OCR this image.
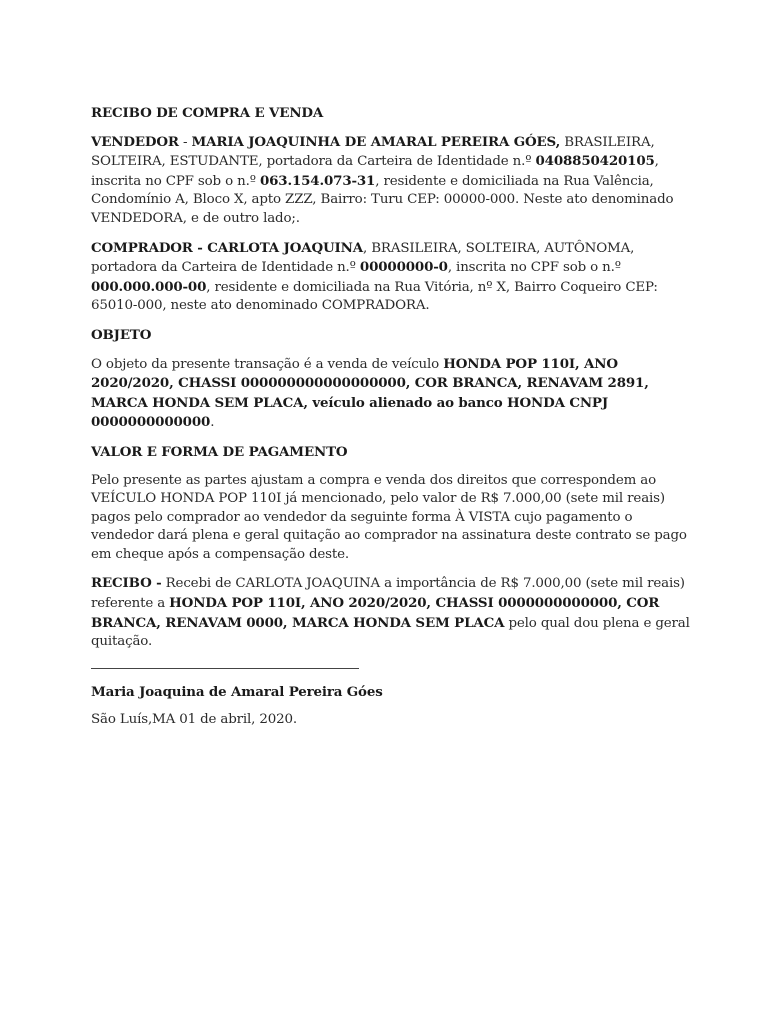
RECIBO DE COMPRA E VENDA

VENDEDOR - MARIA JOAQUINHA DE AMARAL PEREIRA GÓES, BRASILEIRA, SOLTEIRA, ESTUDANTE, portadora da Carteira de Identidade n.º 0408850420105, inscrita no CPF sob o n.º 063.154.073-31, residente e domiciliada na Rua Valência, Condomínio A, Bloco X, apto ZZZ, Bairro: Turu CEP: 00000-000. Neste ato denominado VENDEDORA, e de outro lado;.

COMPRADOR - CARLOTA JOAQUINA, BRASILEIRA, SOLTEIRA, AUTÔNOMA, portadora da Carteira de Identidade n.º 00000000-0, inscrita no CPF sob o n.º 000.000.000-00, residente e domiciliada na Rua Vitória, nº X, Bairro Coqueiro CEP: 65010-000, neste ato denominado COMPRADORA.

OBJETO

O objeto da presente transação é a venda de veículo HONDA POP 110I, ANO 2020/2020, CHASSI 000000000000000000, COR BRANCA, RENAVAM 2891, MARCA HONDA SEM PLACA, veículo alienado ao banco HONDA CNPJ 0000000000000.

VALOR E FORMA DE PAGAMENTO

Pelo presente as partes ajustam a compra e venda dos direitos que correspondem ao VEÍCULO HONDA POP 110I já mencionado, pelo valor de R$ 7.000,00 (sete mil reais) pagos pelo comprador ao vendedor da seguinte forma À VISTA cujo pagamento o vendedor dará plena e geral quitação ao comprador na assinatura deste contrato se pago em cheque após a compensação deste.

RECIBO - Recebi de CARLOTA JOAQUINA a importância de R$ 7.000,00 (sete mil reais) referente a HONDA POP 110I, ANO 2020/2020, CHASSI 0000000000000, COR BRANCA, RENAVAM 0000, MARCA HONDA SEM PLACA pelo qual dou plena e geral quitação.

Maria Joaquina de Amaral Pereira Góes

São Luís,MA 01 de abril, 2020.
